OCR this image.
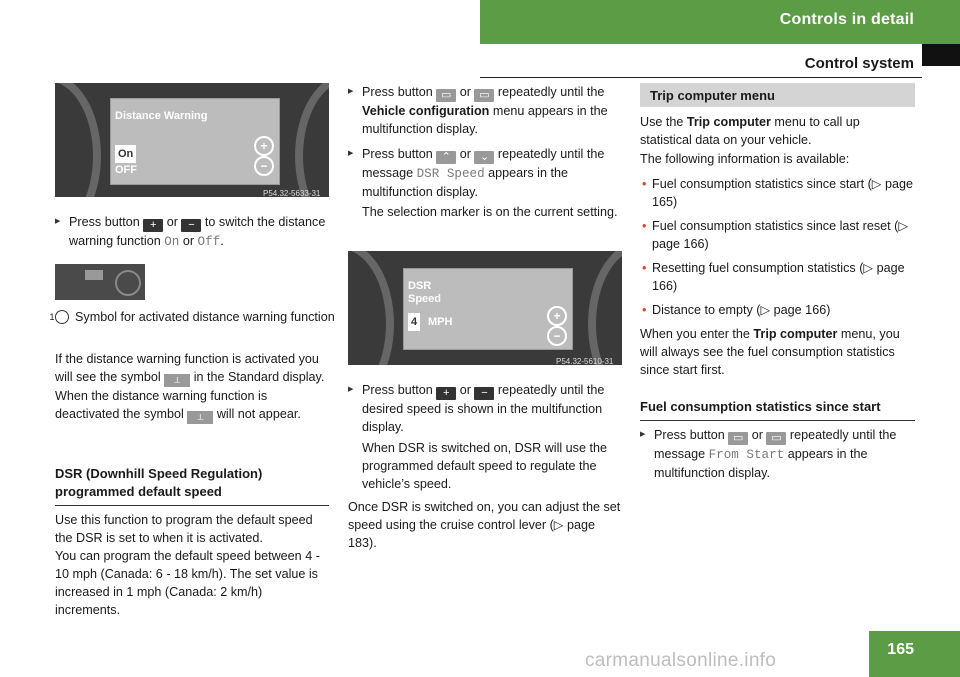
Controls in detail
Control system
Distance Warning
On
OFF
+
−
P54.32-5633-31

▶ Press button + or − to switch the distance warning function On or Off.

1 Symbol for activated distance warning function

If the distance warning function is activated you will see the symbol ⟂ in the Standard display. When the distance warning function is deactivated the symbol ⟂ will not appear.

DSR (Downhill Speed Regulation) programmed default speed

Use this function to program the default speed the DSR is set to when it is activated.

You can program the default speed between 4 - 10 mph (Canada: 6 - 18 km/h). The set value is increased in 1 mph (Canada: 2 km/h) increments.

▶ Press button ▭ or ▭ repeatedly until the Vehicle configuration menu appears in the multifunction display.

▶ Press button ⌃ or ⌄ repeatedly until the message DSR Speed appears in the multifunction display.

The selection marker is on the current setting.

DSR
Speed
4 MPH	+
−
P54.32-5610-31

▶ Press button + or − repeatedly until the desired speed is shown in the multifunction display.

When DSR is switched on, DSR will use the programmed default speed to regulate the vehicle’s speed.

Once DSR is switched on, you can adjust the set speed using the cruise control lever (▷ page 183).

Trip computer menu

Use the Trip computer menu to call up statistical data on your vehicle.

The following information is available:

• Fuel consumption statistics since start (▷ page 165)

• Fuel consumption statistics since last reset (▷ page 166)

• Resetting fuel consumption statistics (▷ page 166)

• Distance to empty (▷ page 166)

When you enter the Trip computer menu, you will always see the fuel consumption statistics since start first.

Fuel consumption statistics since start

▶ Press button ▭ or ▭ repeatedly until the message From Start appears in the multifunction display.

165
carmanualsonline.info
